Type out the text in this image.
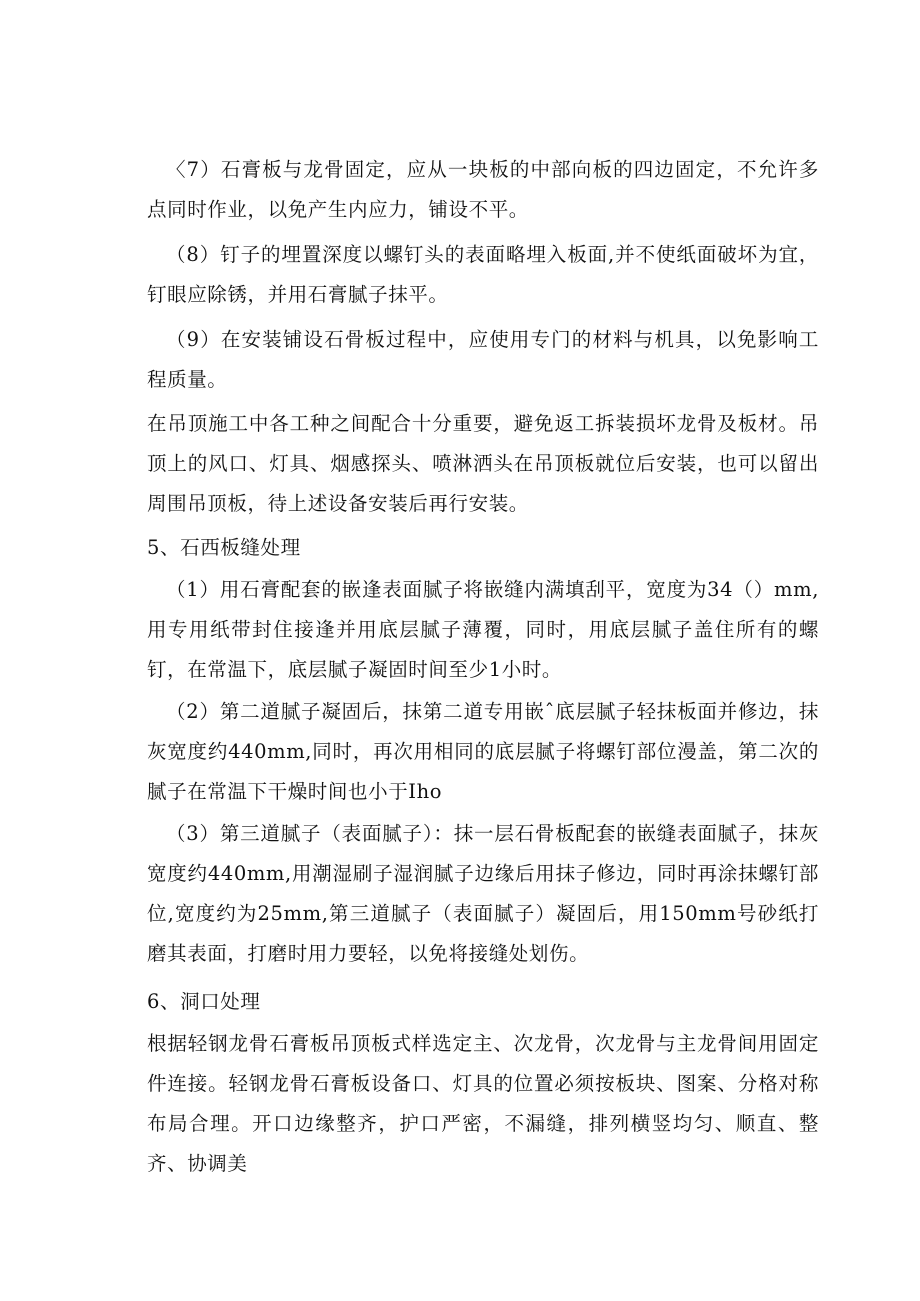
〈7）石膏板与龙骨固定，应从一块板的中部向板的四边固定，不允许多点同时作业，以免产生内应力，铺设不平。

（8）钉子的埋置深度以螺钉头的表面略埋入板面,并不使纸面破坏为宜，钉眼应除锈，并用石膏腻子抹平。

（9）在安装铺设石骨板过程中，应使用专门的材料与机具，以免影响工程质量。

在吊顶施工中各工种之间配合十分重要，避免返工拆装损坏龙骨及板材。吊顶上的风口、灯具、烟感探头、喷淋洒头在吊顶板就位后安装，也可以留出周围吊顶板，待上述设备安装后再行安装。

5、石西板缝处理

（1）用石膏配套的嵌逢表面腻子将嵌缝内满填刮平，宽度为34（）mm,用专用纸带封住接逢并用底层腻子薄覆，同时，用底层腻子盖住所有的螺钉，在常温下，底层腻子凝固时间至少1小时。

（2）第二道腻子凝固后，抹第二道专用嵌ˆ底层腻子轻抹板面并修边，抹灰宽度约440mm,同时，再次用相同的底层腻子将螺钉部位漫盖，第二次的腻子在常温下干燥时间也小于Iho

（3）第三道腻子（表面腻子）：抹一层石骨板配套的嵌缝表面腻子，抹灰宽度约440mm,用潮湿刷子湿润腻子边缘后用抹子修边，同时再涂抹螺钉部位,宽度约为25mm,第三道腻子（表面腻子）凝固后，用150mm号砂纸打磨其表面，打磨时用力要轻，以免将接缝处划伤。

6、洞口处理

根据轻钢龙骨石膏板吊顶板式样选定主、次龙骨，次龙骨与主龙骨间用固定件连接。轻钢龙骨石膏板设备口、灯具的位置必须按板块、图案、分格对称布局合理。开口边缘整齐，护口严密，不漏缝，排列横竖均匀、顺直、整齐、协调美
